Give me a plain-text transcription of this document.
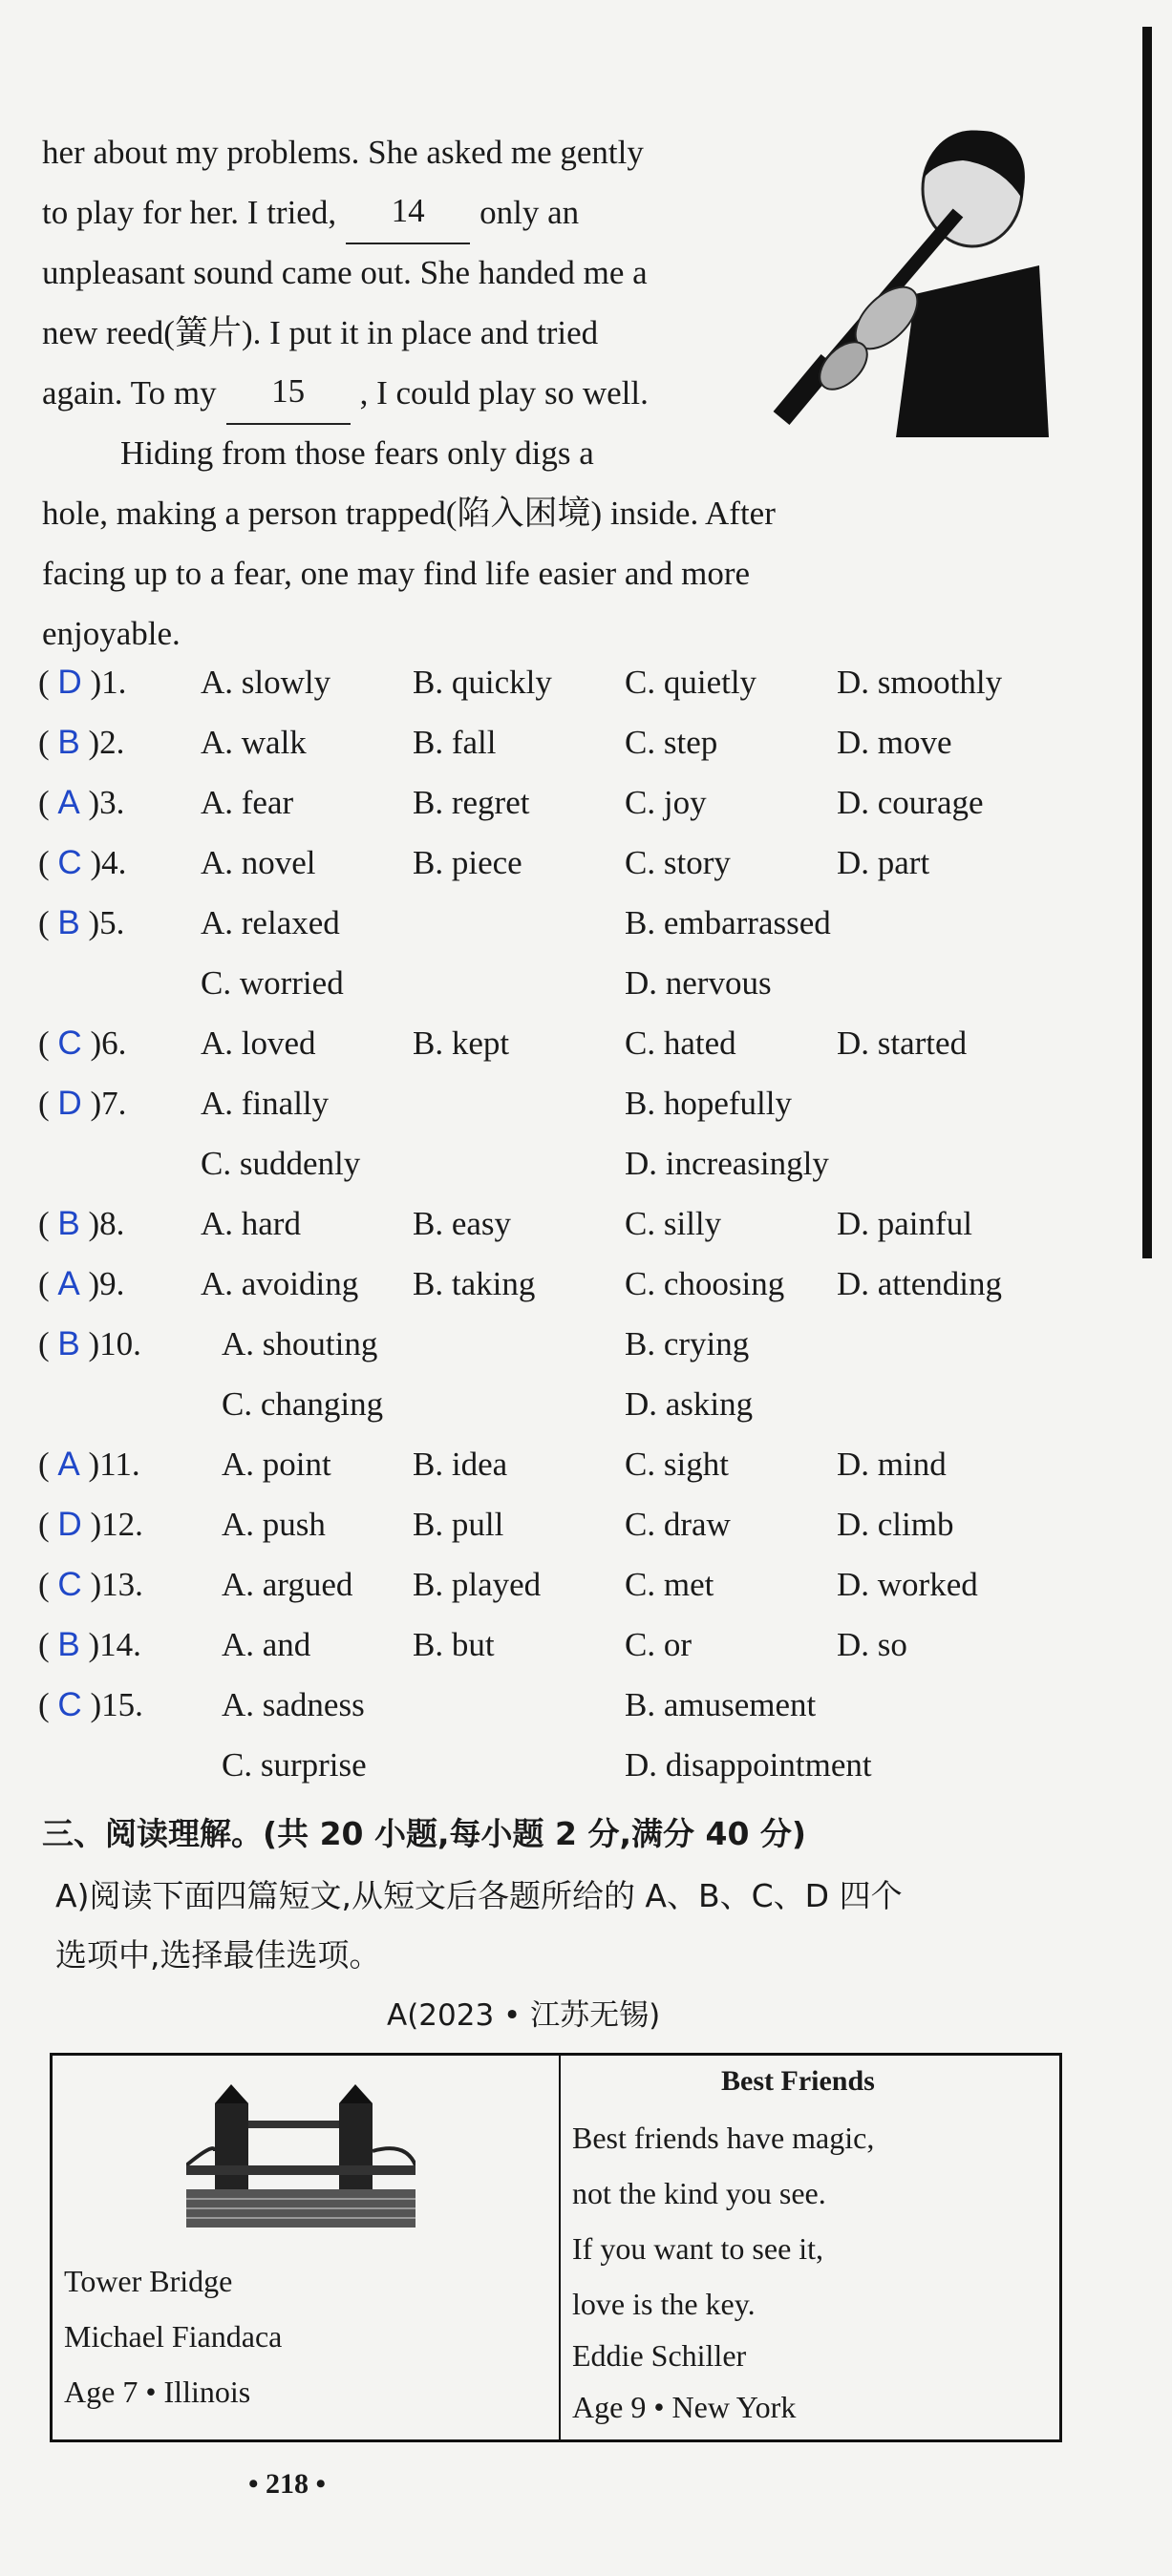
her about my problems. She asked me gently
to play for her. I tried, 14 only an
unpleasant sound came out. She handed me a
new reed(簧片). I put it in place and tried
again. To my 15 , I could play so well.
Hiding from those fears only digs a
hole, making a person trapped(陷入困境) inside. After
facing up to a fear, one may find life easier and more
enjoyable.
( D )1. A. slowly B. quickly C. quietly D. smoothly
( B )2. A. walk	B. fall	C. step	D. move
( A )3. A. fear	B. regret	C. joy	D. courage
( C )4. A. novel	B. piece	C. story	D. part
( B )5. A. relaxed	B. embarrassed
C. worried	D. nervous
( C )6. A. loved	B. kept	C. hated	D. started
( D )7. A. finally	B. hopefully
C. suddenly	D. increasingly
( B )8. A. hard	B. easy	C. silly	D. painful
( A )9. A. avoiding B. taking	C. choosing D. attending
( B )10. A. shouting	B. crying
C. changing	D. asking
( A )11. A. point B. idea	C. sight	D. mind
( D )12. A. push	B. pull	C. draw	D. climb
( C )13. A. argued B. played	C. met	D. worked
( B )14. A. and	B. but	C. or	D. so
( C )15. A. sadness	B. amusement
C. surprise	D. disappointment
三、阅读理解。(共 20 小题,每小题 2 分,满分 40 分)
A)阅读下面四篇短文,从短文后各题所给的 A、B、C、D 四个
选项中,选择最佳选项。
A(2023 • 江苏无锡)
Tower Bridge
Michael Fiandaca
Age 7 • Illinois
Best Friends
Best friends have magic,
not the kind you see.
If you want to see it,
love is the key.
Eddie Schiller
Age 9 • New York
• 218 •
